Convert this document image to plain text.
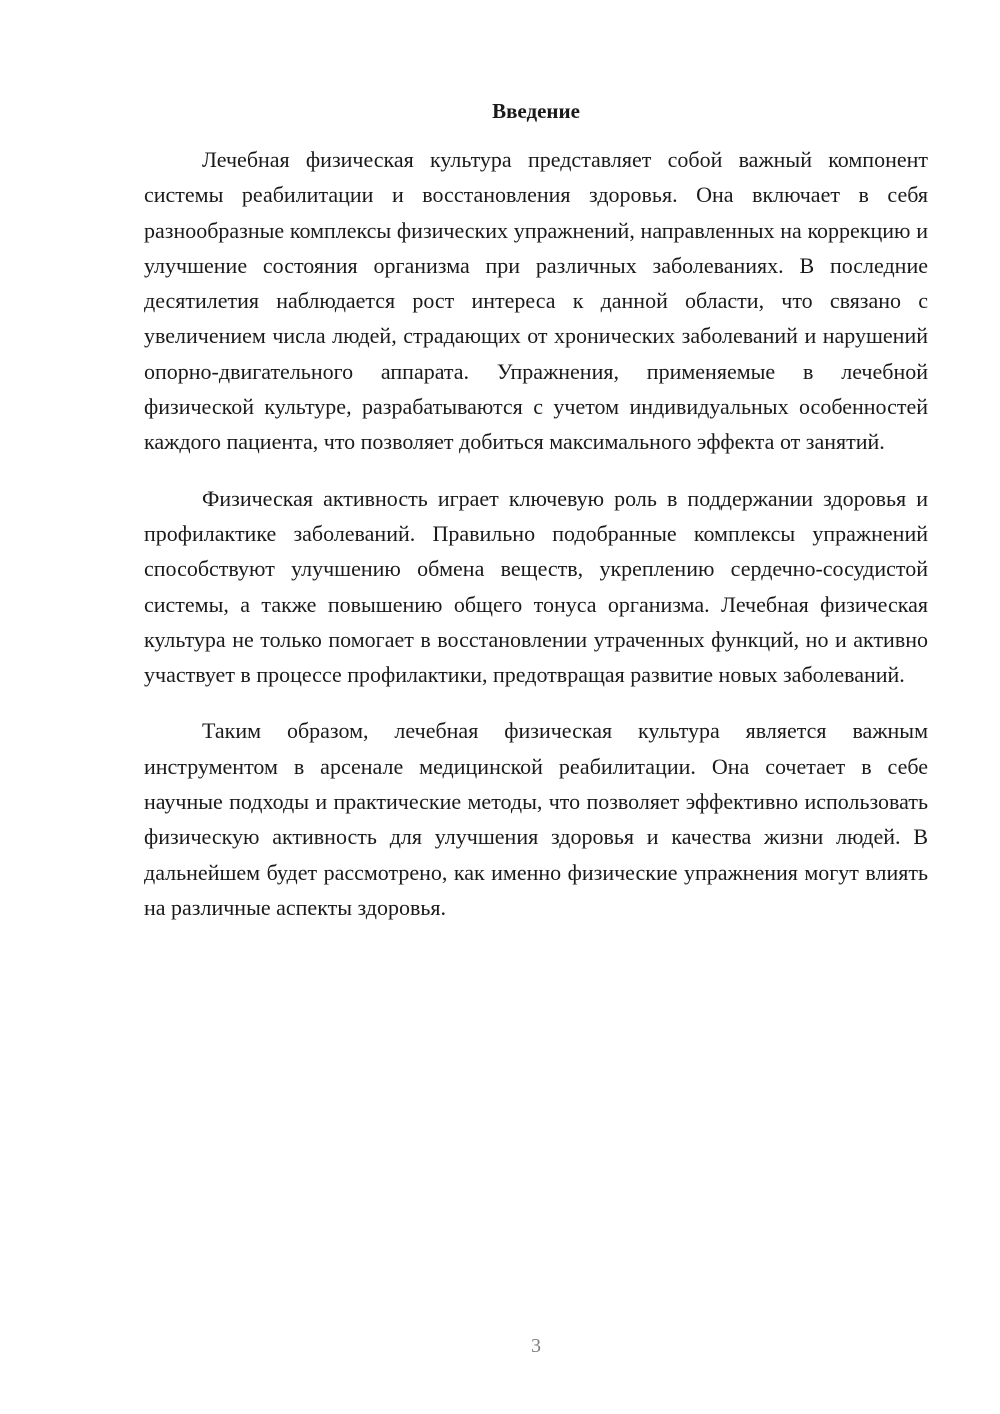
Введение

Лечебная физическая культура представляет собой важный компонент системы реабилитации и восстановления здоровья. Она включает в себя разнообразные комплексы физических упражнений, направленных на коррекцию и улучшение состояния организма при различных заболеваниях. В последние десятилетия наблюдается рост интереса к данной области, что связано с увеличением числа людей, страдающих от хронических заболеваний и нарушений опорно-двигательного аппарата. Упражнения, применяемые в лечебной физической культуре, разрабатываются с учетом индивидуальных особенностей каждого пациента, что позволяет добиться максимального эффекта от занятий.

Физическая активность играет ключевую роль в поддержании здоровья и профилактике заболеваний. Правильно подобранные комплексы упражнений способствуют улучшению обмена веществ, укреплению сердечно-сосудистой системы, а также повышению общего тонуса организма. Лечебная физическая культура не только помогает в восстановлении утраченных функций, но и активно участвует в процессе профилактики, предотвращая развитие новых заболеваний.

Таким образом, лечебная физическая культура является важным инструментом в арсенале медицинской реабилитации. Она сочетает в себе научные подходы и практические методы, что позволяет эффективно использовать физическую активность для улучшения здоровья и качества жизни людей. В дальнейшем будет рассмотрено, как именно физические упражнения могут влиять на различные аспекты здоровья.

3
